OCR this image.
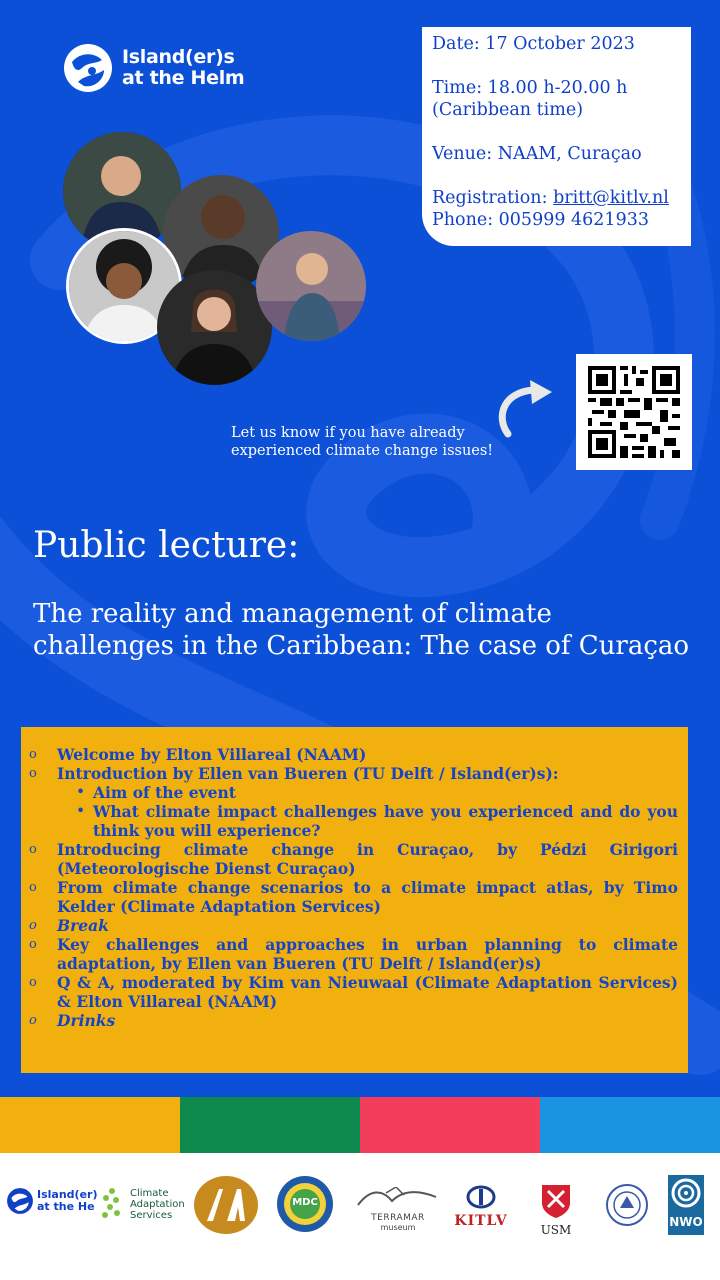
Island(er)s
at the Helm

Date: 17 October 2023

Time: 18.00 h-20.00 h

(Caribbean time)

Venue: NAAM, Curaçao

Registration: britt@kitlv.nl

Phone: 005999 4621933

Let us know if you have already
experienced climate change issues!
Public lecture:
The reality and management of climate challenges in the Caribbean: The case of Curaçao
o Welcome by Elton Villareal (NAAM)
o Introduction by Ellen van Bueren (TU Delft / Island(er)s):
• Aim of the event
• What climate impact challenges have you experienced and do you think you will experience?
o Introducing climate change in Curaçao, by Pédzi Girigori (Meteorologische Dienst Curaçao)
o From climate change scenarios to a climate impact atlas, by Timo Kelder (Climate Adaptation Services)
o Break
o Key challenges and approaches in urban planning to climate adaptation, by Ellen van Bueren (TU Delft / Island(er)s)
o Q & A, moderated by Kim van Nieuwaal (Climate Adaptation Services) & Elton Villareal (NAAM)
o Drinks
Island(er)
at the He
Climate
Adaptation
Services
MDC
TERRAMAR
museum	KITLV
USM
NWO
